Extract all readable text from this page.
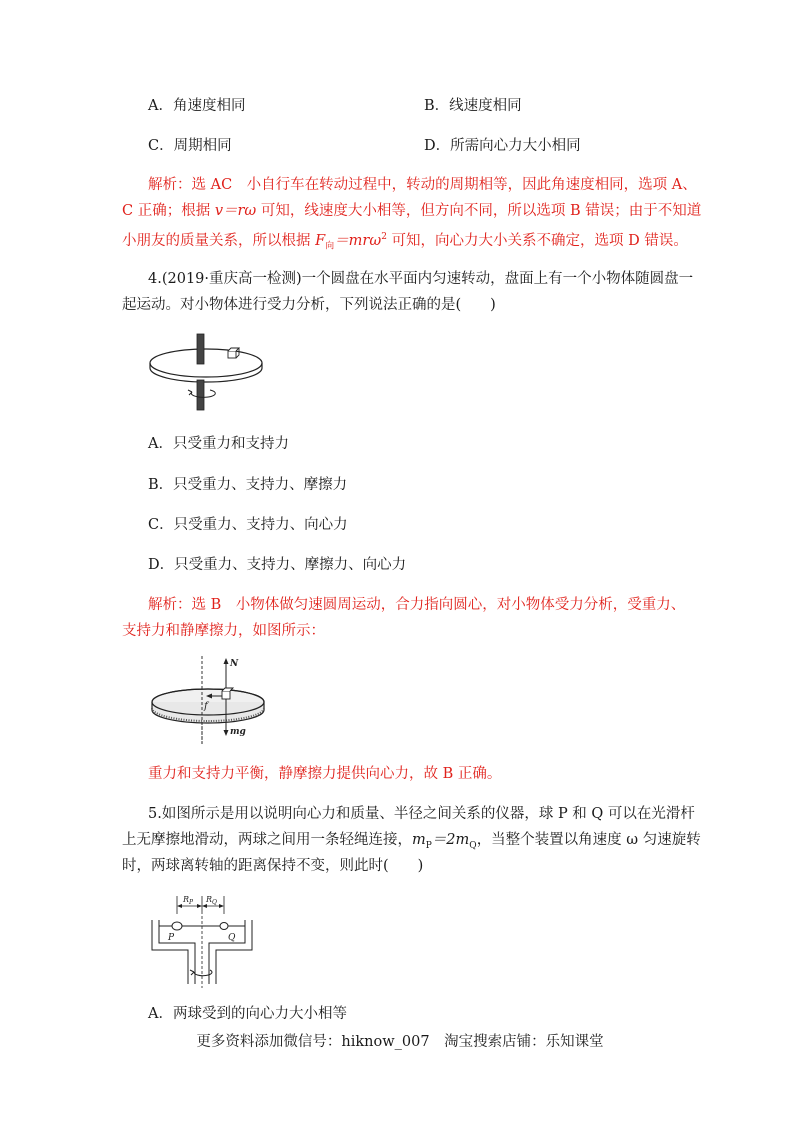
A．角速度相同	B．线速度相同
C．周期相同	D．所需向心力大小相同
解析：选 AC　小自行车在转动过程中，转动的周期相等，因此角速度相同，选项 A、
C 正确；根据 v＝rω 可知，线速度大小相等，但方向不同，所以选项 B 错误；由于不知道
小朋友的质量关系，所以根据 $F_向=mr\omega^2$ 可知，向心力大小关系不确定，选项 D 错误。
4.(2019·重庆高一检测)一个圆盘在水平面内匀速转动，盘面上有一个小物体随圆盘一
起运动。对小物体进行受力分析，下列说法正确的是(　　)
A．只受重力和支持力
B．只受重力、支持力、摩擦力
C．只受重力、支持力、向心力
D．只受重力、支持力、摩擦力、向心力
解析：选 B　小物体做匀速圆周运动，合力指向圆心，对小物体受力分析，受重力、
支持力和静摩擦力，如图所示：
N
f
mg
重力和支持力平衡，静摩擦力提供向心力，故 B 正确。
5.如图所示是用以说明向心力和质量、半径之间关系的仪器，球 P 和 Q 可以在光滑杆
上无摩擦地滑动，两球之间用一条轻绳连接，$m_P=2m_Q$，当整个装置以角速度 ω 匀速旋转
时，两球离转轴的距离保持不变，则此时(　　)
$R_P$ $R_Q$
P	Q
A．两球受到的向心力大小相等
更多资料添加微信号：hiknow_007　淘宝搜索店铺：乐知课堂
